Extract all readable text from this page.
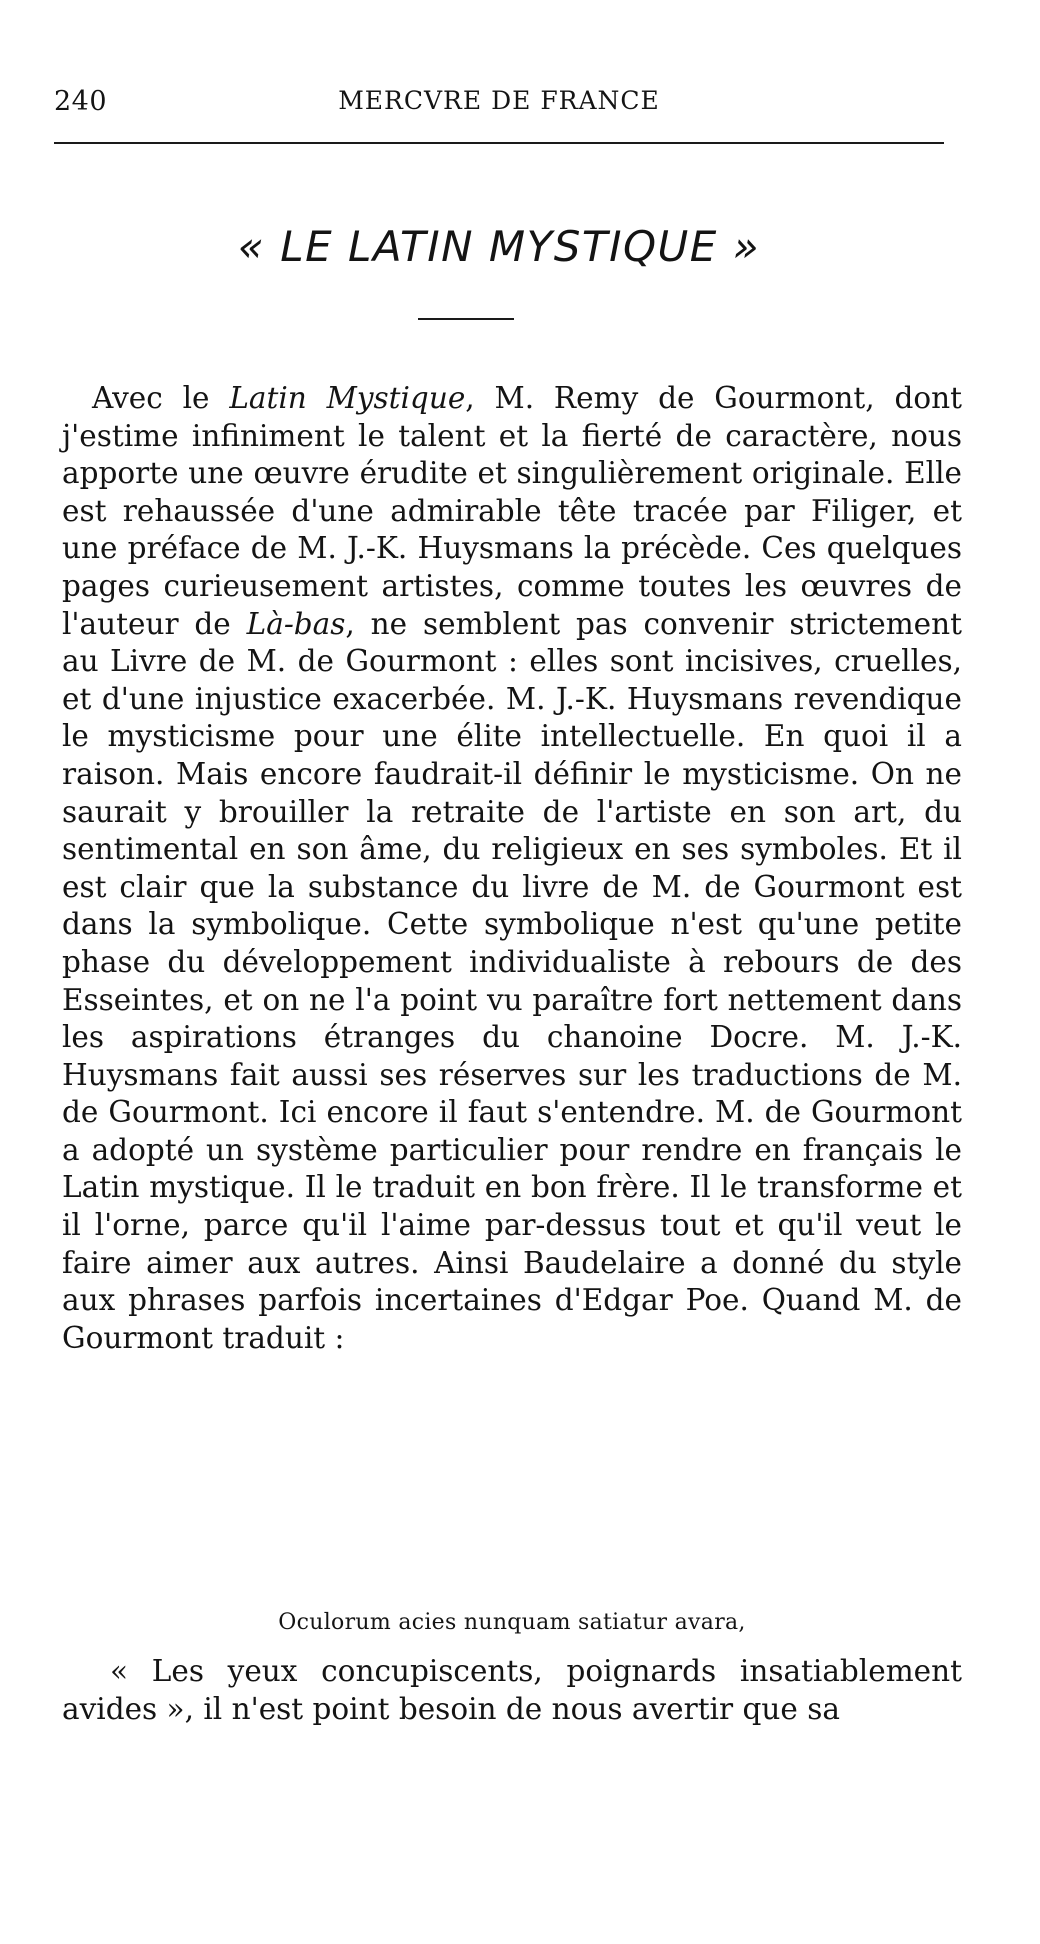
240	MERCVRE DE FRANCE
« LE LATIN MYSTIQUE »

Avec le Latin Mystique, M. Remy de Gourmont, dont j'estime infiniment le talent et la fierté de caractère, nous apporte une œuvre érudite et singulièrement originale. Elle est rehaussée d'une admirable tête tracée par Filiger, et une préface de M. J.-K. Huysmans la précède. Ces quelques pages curieusement artistes, comme toutes les œuvres de l'auteur de Là-bas, ne semblent pas convenir strictement au Livre de M. de Gourmont : elles sont incisives, cruelles, et d'une injustice exacerbée. M. J.-K. Huysmans revendique le mysticisme pour une élite intellectuelle. En quoi il a raison. Mais encore faudrait-il définir le mysticisme. On ne saurait y brouiller la retraite de l'artiste en son art, du sentimental en son âme, du religieux en ses symboles. Et il est clair que la substance du livre de M. de Gourmont est dans la symbolique. Cette symbolique n'est qu'une petite phase du développement individualiste à rebours de des Esseintes, et on ne l'a point vu paraître fort nettement dans les aspirations étranges du chanoine Docre. M. J.-K. Huysmans fait aussi ses réserves sur les traductions de M. de Gourmont. Ici encore il faut s'entendre. M. de Gourmont a adopté un système particulier pour rendre en français le Latin mystique. Il le traduit en bon frère. Il le transforme et il l'orne, parce qu'il l'aime par-dessus tout et qu'il veut le faire aimer aux autres. Ainsi Baudelaire a donné du style aux phrases parfois incertaines d'Edgar Poe. Quand M. de Gourmont traduit :

Oculorum acies nunquam satiatur avara,

« Les yeux concupiscents, poignards insatiablement avides », il n'est point besoin de nous avertir que sa
